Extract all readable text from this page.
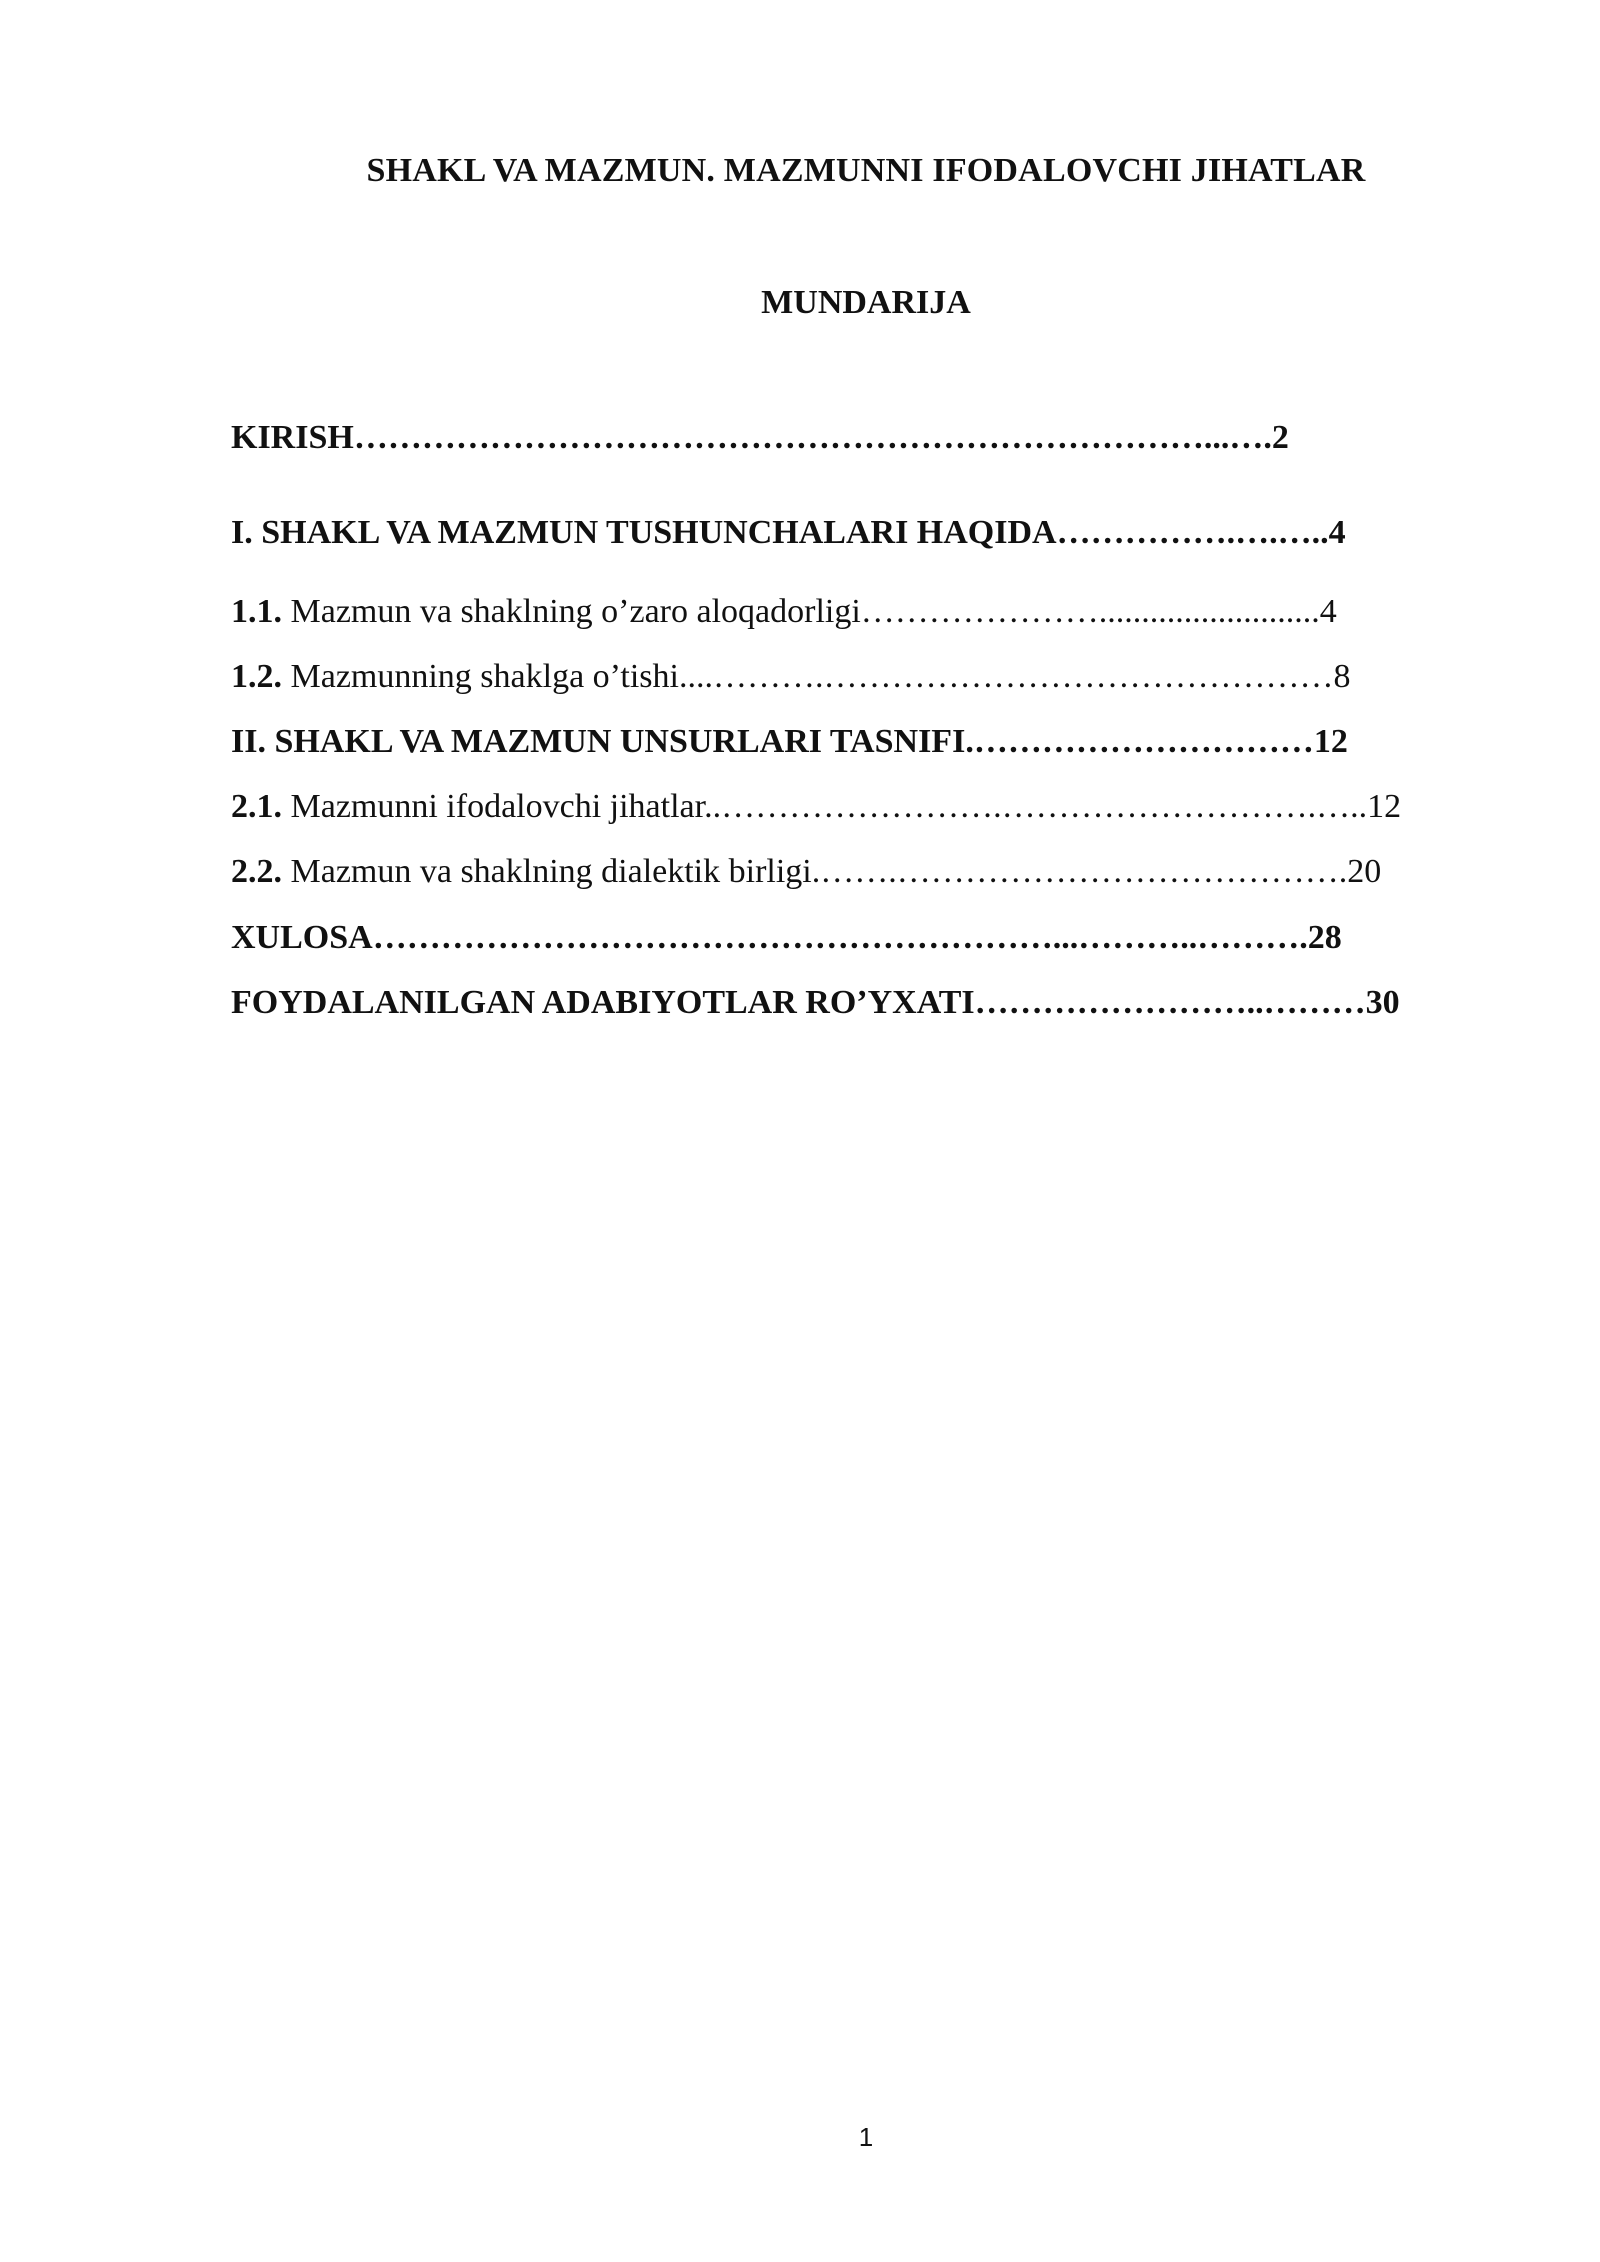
SHAKL VA MAZMUN. MAZMUNNI IFODALOVCHI JIHATLAR
MUNDARIJA
KIRISH…………………………………………………………………...….2
I. SHAKL VA MAZMUN TUSHUNCHALARI HAQIDA…………….….…..4
1.1. Mazmun va shaklning o’zaro aloqadorligi…………………..........................4
1.2. Mazmunning shaklga o’tishi....……….………………………………………8
II. SHAKL VA MAZMUN UNSURLARI TASNIFI.…………………………12
2.1. Mazmunni ifodalovchi jihatlar..…………………….……………………….…..12
2.2. Mazmun va shaklning dialektik birligi.…….………………………………….20
XULOSA……………………………………………………...………..……….28
FOYDALANILGAN ADABIYOTLAR RO’YXATI……………………..………30
1
